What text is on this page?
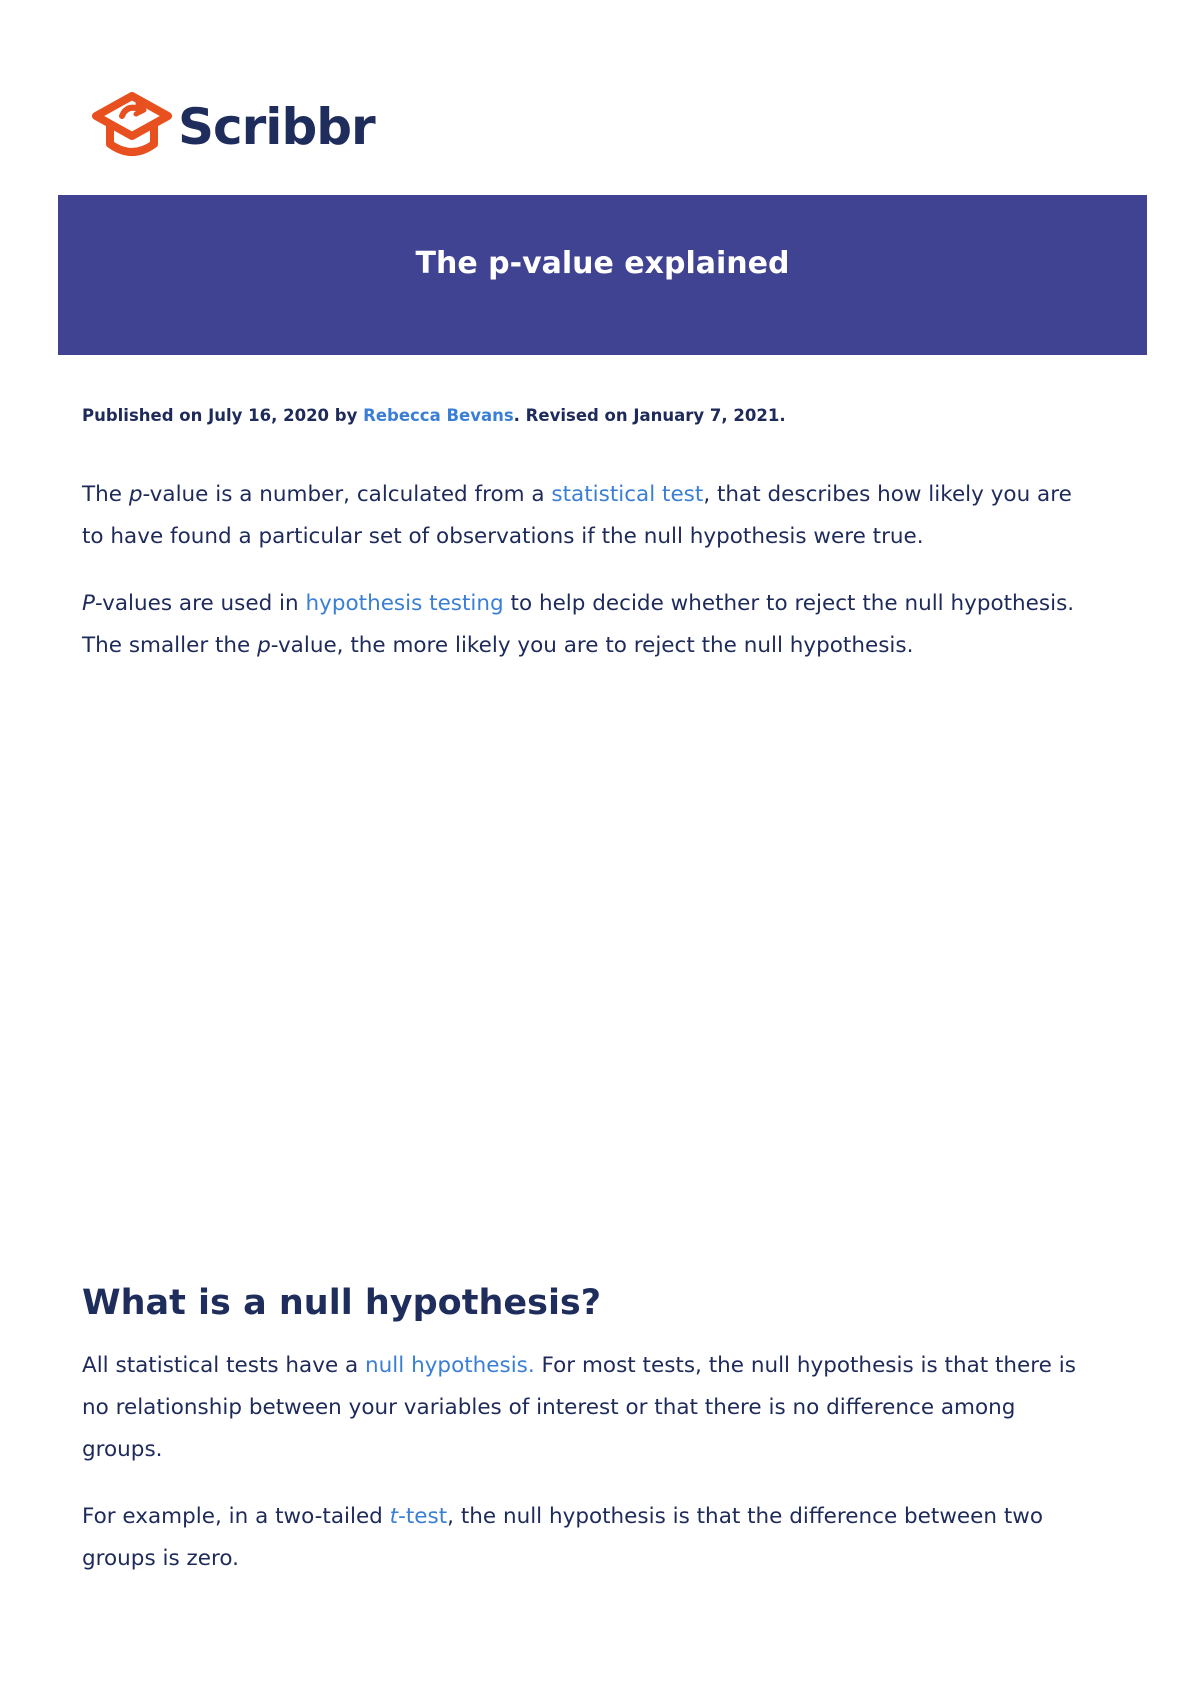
Scribbr
The p-value explained
Published on July 16, 2020 by Rebecca Bevans. Revised on January 7, 2021.

The p-value is a number, calculated from a statistical test, that describes how likely you are
to have found a particular set of observations if the null hypothesis were true.

P-values are used in hypothesis testing to help decide whether to reject the null hypothesis.
The smaller the p-value, the more likely you are to reject the null hypothesis.

What is a null hypothesis?

All statistical tests have a null hypothesis. For most tests, the null hypothesis is that there is
no relationship between your variables of interest or that there is no difference among
groups.

For example, in a two-tailed t-test, the null hypothesis is that the difference between two
groups is zero.
